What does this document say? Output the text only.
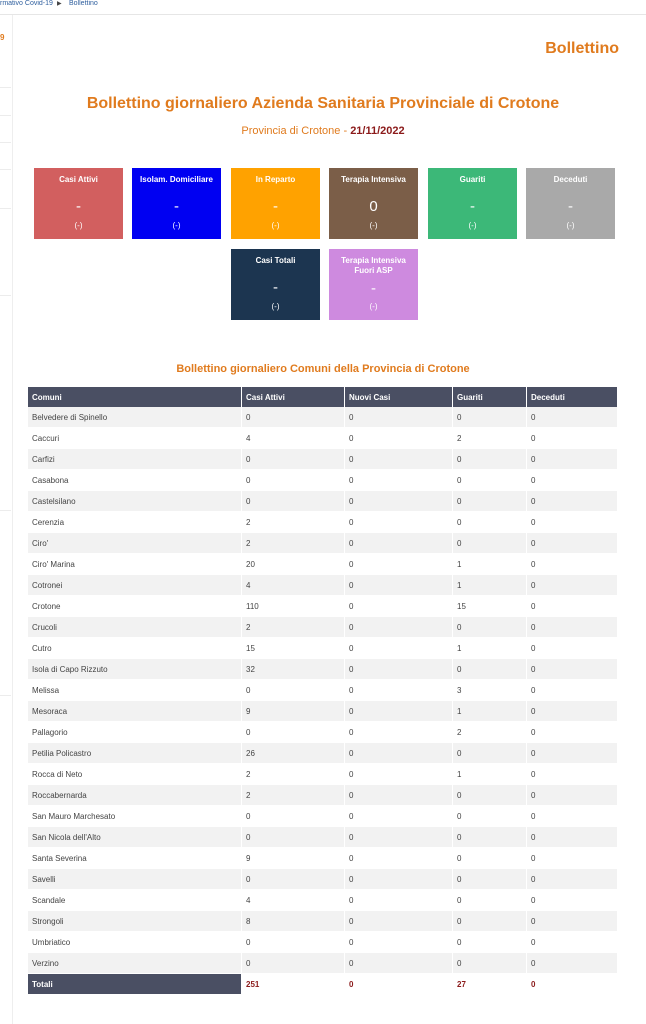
rmativo Covid-19 ▶ Bollettino
9
Bollettino
Bollettino giornaliero Azienda Sanitaria Provinciale di Crotone
Provincia di Crotone - 21/11/2022
Casi Attivi
-
(-)
Isolam. Domiciliare
-
(-)
In Reparto
-
(-)
Terapia Intensiva
0
(-)
Guariti
-
(-)
Deceduti
-
(-)
Casi Totali
-
(-)
Terapia Intensiva Fuori ASP
-
(-)
Bollettino giornaliero Comuni della Provincia di Crotone
Comuni	Casi Attivi	Nuovi Casi	Guariti	Deceduti
Belvedere di Spinello	0	0	0	0
Caccuri	4	0	2	0
Carfizi	0	0	0	0
Casabona	0	0	0	0
Castelsilano	0	0	0	0
Cerenzia	2	0	0	0
Ciro'	2	0	0	0
Ciro' Marina	20	0	1	0
Cotronei	4	0	1	0
Crotone	110	0	15	0
Crucoli	2	0	0	0
Cutro	15	0	1	0
Isola di Capo Rizzuto	32	0	0	0
Melissa	0	0	3	0
Mesoraca	9	0	1	0
Pallagorio	0	0	2	0
Petilia Policastro	26	0	0	0
Rocca di Neto	2	0	1	0
Roccabernarda	2	0	0	0
San Mauro Marchesato	0	0	0	0
San Nicola dell'Alto	0	0	0	0
Santa Severina	9	0	0	0
Savelli	0	0	0	0
Scandale	4	0	0	0
Strongoli	8	0	0	0
Umbriatico	0	0	0	0
Verzino	0	0	0	0
Totali	251	0	27	0
